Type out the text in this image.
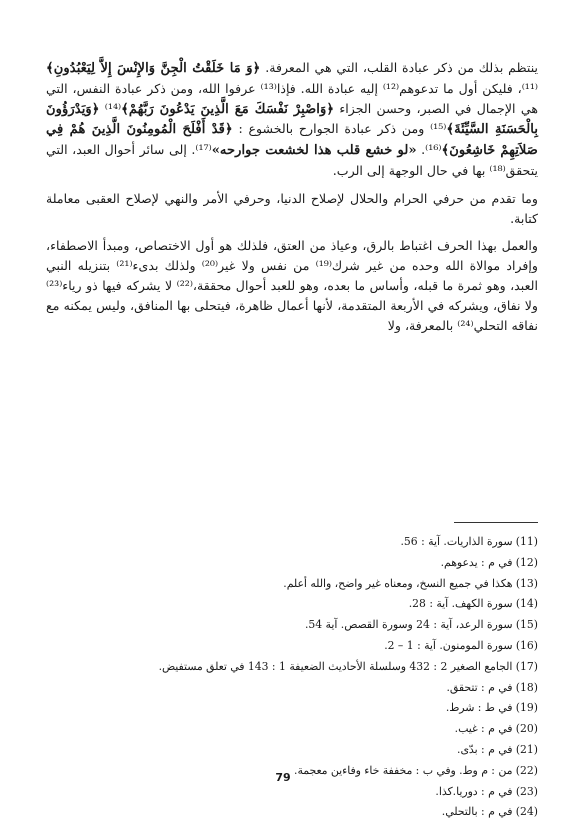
ينتظم بذلك من ذكر عبادة القلب، التي هي المعرفة. ﴿وَ مَا خَلَقْتُ الْجِنَّ وَالإِنْسَ إِلاَّ لِيَعْبُدُونِ﴾⁽¹¹⁾، فليكن أول ما تدعوهم⁽¹²⁾ إليه عبادة الله. فإذا⁽¹³⁾ عرفوا الله، ومن ذكر عبادة النفس، التي هي الإجمال في الصبر، وحسن الجزاء ﴿وَاصْبِرْ نَفْسَكَ مَعَ الَّذِينَ يَدْعُونَ رَبَّهُمْ﴾⁽¹⁴⁾ ﴿وَيَدْرَؤُونَ بِالْحَسَنَةِ السَّيِّئَةَ﴾⁽¹⁵⁾ ومن ذكر عبادة الجوارح بالخشوع : ﴿قَدْ أَفْلَحَ الْمُومِنُونَ الَّذِينَ هُمْ فِي صَلاَتِهِمْ خَاشِعُونَ﴾⁽¹⁶⁾. «لو خشع قلب هذا لخشعت جوارحه»⁽¹⁷⁾. إلى سائر أحوال العبد، التي يتحقق⁽¹⁸⁾ بها في حال الوجهة إلى الرب.

وما تقدم من حرفي الحرام والحلال لإصلاح الدنيا، وحرفي الأمر والنهي لإصلاح العقبى معاملة كتابة.

والعمل بهذا الحرف اغتباط بالرق، وعياذ من العتق، فلذلك هو أول الاختصاص، ومبدأ الاصطفاء، وإفراد موالاة الله وحده من غير شرك⁽¹⁹⁾ من نفس ولا غير⁽²⁰⁾ ولذلك بدىء⁽²¹⁾ بتنزيله النبي العبد، وهو ثمرة ما قبله، وأساس ما بعده، وهو للعبد أحوال محققة،⁽²²⁾ لا يشركه فيها ذو رياء⁽²³⁾ ولا نفاق، ويشركه في الأربعة المتقدمة، لأنها أعمال ظاهرة، فيتحلى بها المنافق، وليس يمكنه مع نفاقه التحلي⁽²⁴⁾ بالمعرفة، ولا

(11) سورة الذاريات. آية : 56.
(12) في م : يدعوهم.
(13) هكذا في جميع النسخ، ومعناه غير واضح، والله أعلم.
(14) سورة الكهف. آية : 28.
(15) سورة الرعد، آية : 24 وسورة القصص. آية 54.
(16) سورة المومنون. آية : 1 – 2.
(17) الجامع الصغير 2 : 432 وسلسلة الأحاديث الضعيفة 1 : 143 في تعلق مستفيض.
(18) في م : تتحقق.
(19) في ط : شرط.
(20) في م : غيب.
(21) في م : بدّى.
(22) من : م وط. وفي ب : مخففة خاء وفاءين معجمة.
(23) في م : دوريا.كذا.
(24) في م : بالتحلي.
79
